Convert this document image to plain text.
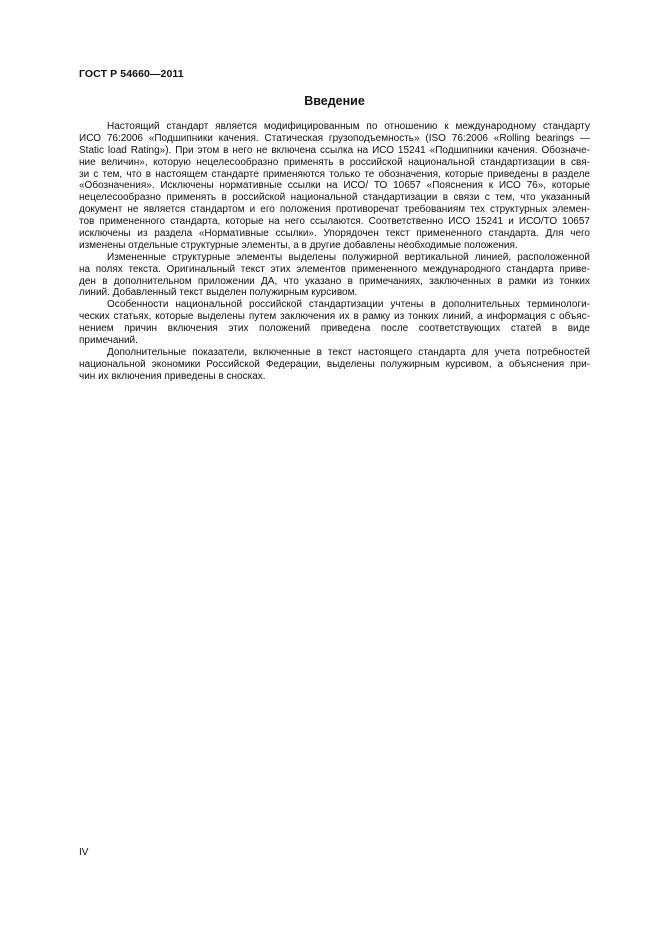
ГОСТ Р 54660—2011
Введение
Настоящий стандарт является модифицированным по отношению к международному стандарту
ИСО 76:2006 «Подшипники качения. Статическая грузоподъемность» (ISO 76:2006 «Rolling bearings —
Static load Rating»). При этом в него не включена ссылка на ИСО 15241 «Подшипники качения. Обозначе-
ние величин», которую нецелесообразно применять в российской национальной стандартизации в свя-
зи с тем, что в настоящем стандарте применяются только те обозначения, которые приведены в разделе
«Обозначения». Исключены нормативные ссылки на ИСО/ ТО 10657 «Пояснения к ИСО 76», которые
нецелесообразно применять в российской национальной стандартизации в связи с тем, что указанный
документ не является стандартом и его положения противоречат требованиям тех структурных элемен-
тов примененного стандарта, которые на него ссылаются. Соответственно ИСО 15241 и ИСО/ТО 10657
исключены из раздела «Нормативные ссылки». Упорядочен текст примененного стандарта. Для чего
изменены отдельные структурные элементы, а в другие добавлены необходимые положения.
Измененные структурные элементы выделены полужирной вертикальной линией, расположенной
на полях текста. Оригинальный текст этих элементов примененного международного стандарта приве-
ден в дополнительном приложении ДА, что указано в примечаниях, заключенных в рамки из тонких
линий. Добавленный текст выделен полужирным курсивом.
Особенности национальной российской стандартизации учтены в дополнительных терминологи-
ческих статьях, которые выделены путем заключения их в рамку из тонких линий, а информация с объяс-
нением причин включения этих положений приведена после соответствующих статей в виде
примечаний.
Дополнительные показатели, включенные в текст настоящего стандарта для учета потребностей
национальной экономики Российской Федерации, выделены полужирным курсивом, а объяснения при-
чин их включения приведены в сносках.
IV
